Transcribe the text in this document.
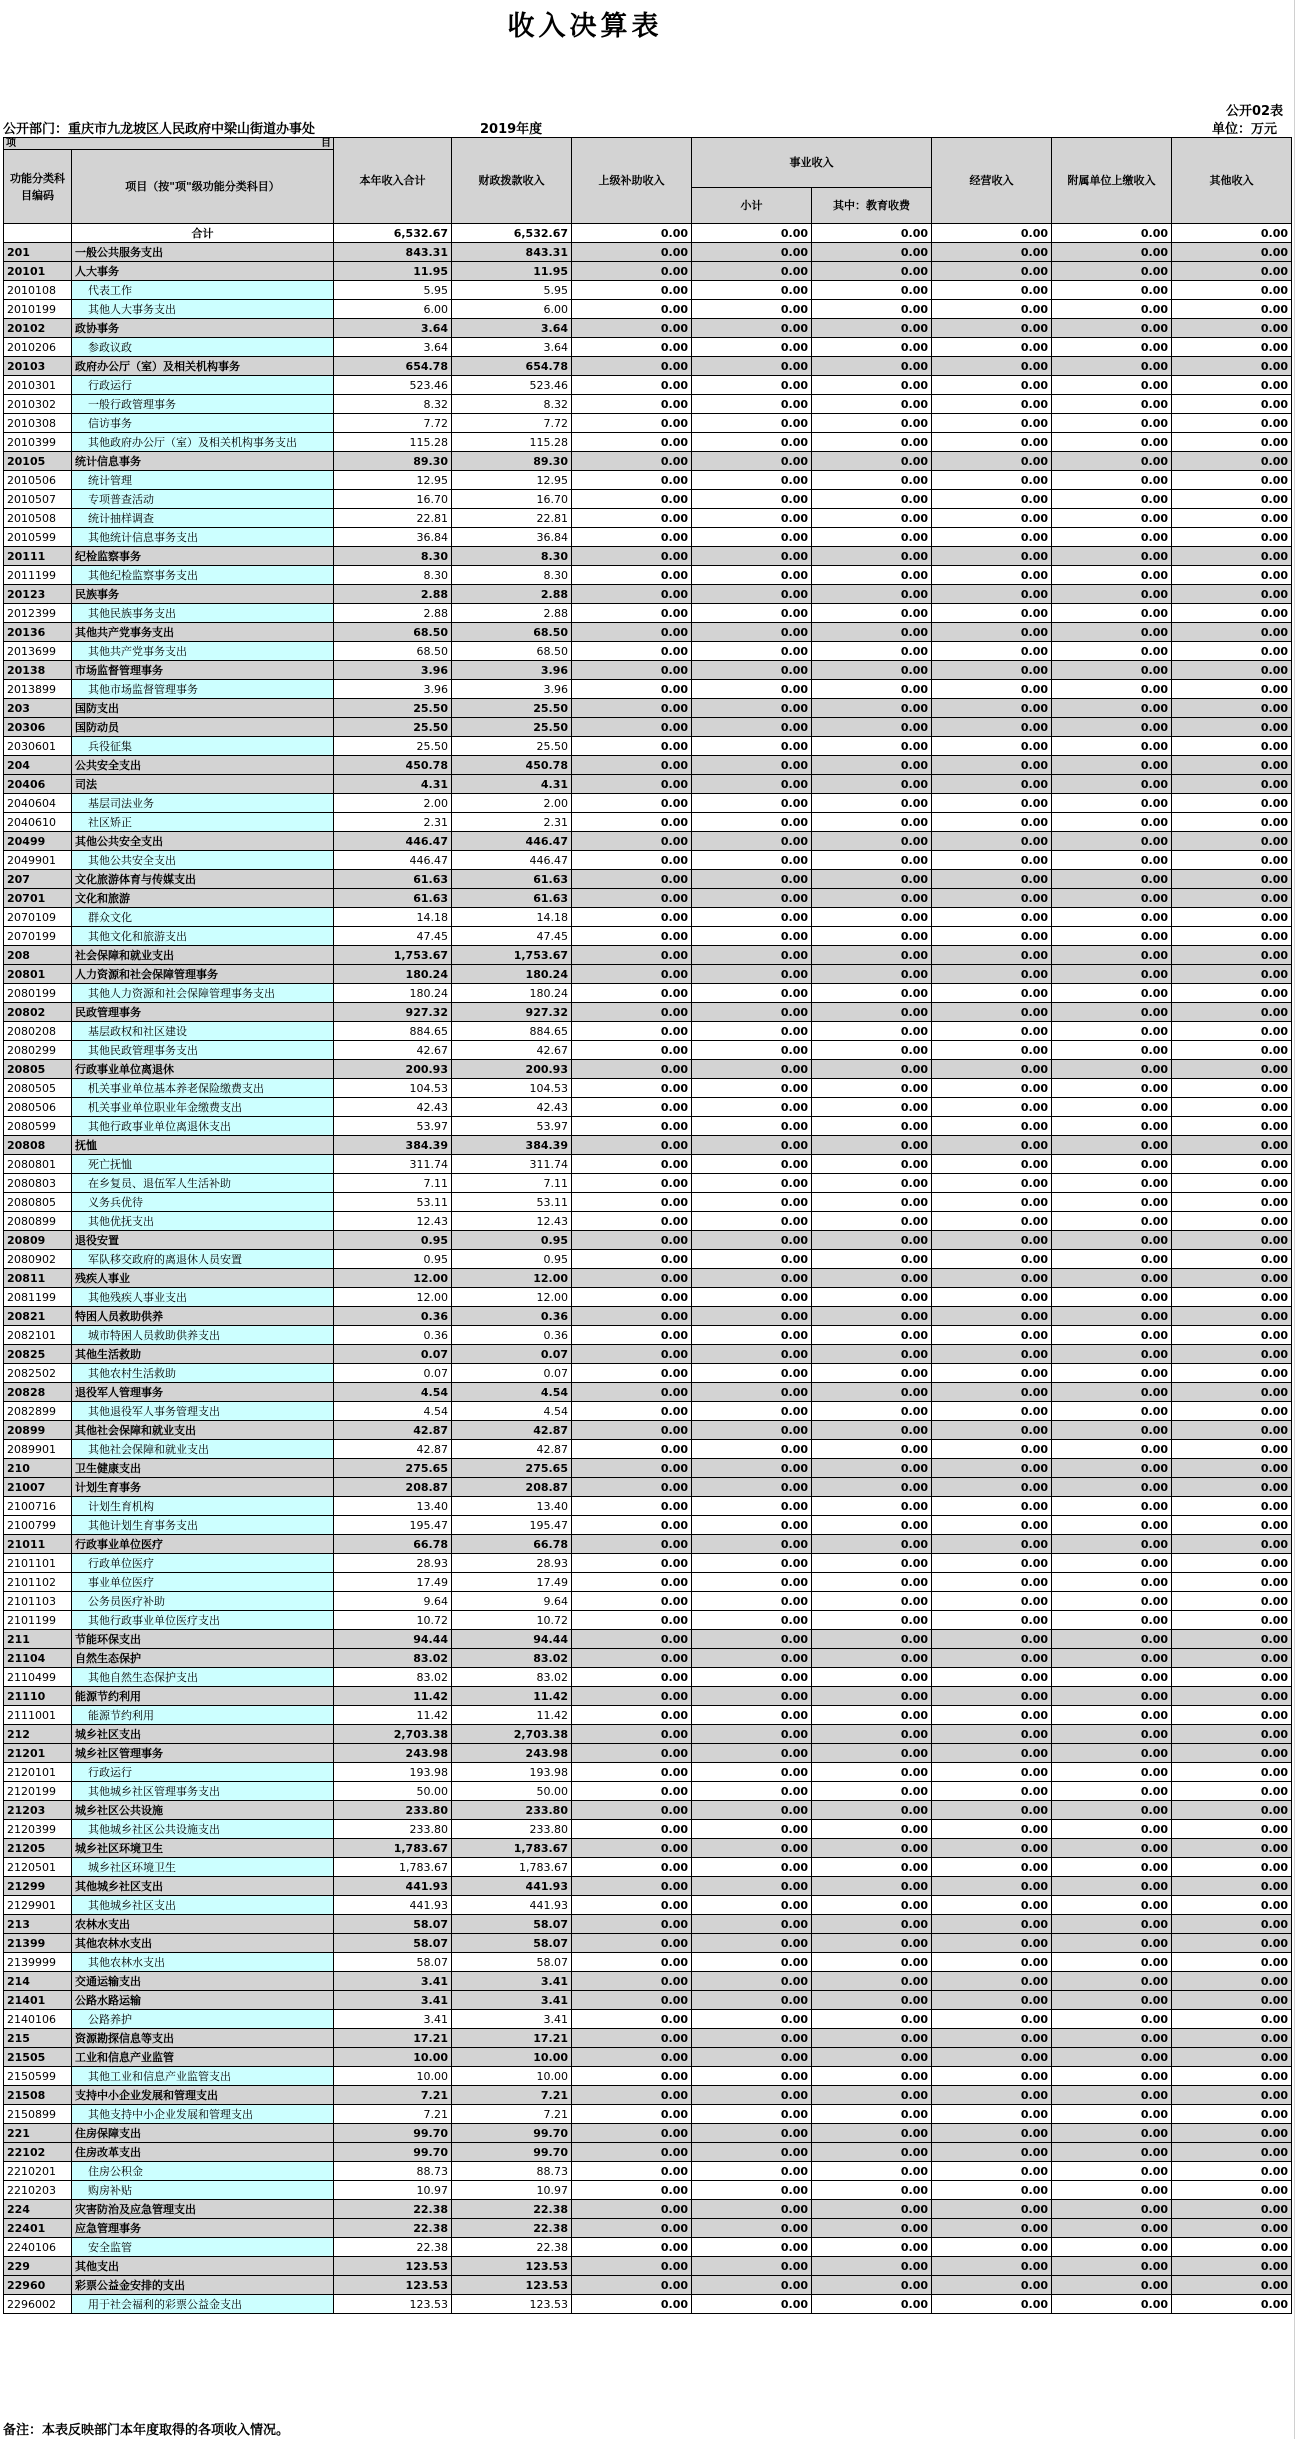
收入决算表
公开02表
公开部门：重庆市九龙坡区人民政府中梁山街道办事处	2019年度	单位：万元
项 目		本年收入合计	财政拨款收入	上级补助收入	事业收入		经营收入	附属单位上缴收入	其他收入
功能分类科目编码	项目（按"项"级功能分类科目）								
					小计	其中：教育收费			
	合计	6,532.67	6,532.67	0.00	0.00	0.00	0.00	0.00	0.00
201	一般公共服务支出	843.31	843.31	0.00	0.00	0.00	0.00	0.00	0.00
20101	人大事务	11.95	11.95	0.00	0.00	0.00	0.00	0.00	0.00
2010108	代表工作	5.95	5.95	0.00	0.00	0.00	0.00	0.00	0.00
2010199	其他人大事务支出	6.00	6.00	0.00	0.00	0.00	0.00	0.00	0.00
20102	政协事务	3.64	3.64	0.00	0.00	0.00	0.00	0.00	0.00
2010206	参政议政	3.64	3.64	0.00	0.00	0.00	0.00	0.00	0.00
20103	政府办公厅（室）及相关机构事务	654.78	654.78	0.00	0.00	0.00	0.00	0.00	0.00
2010301	行政运行	523.46	523.46	0.00	0.00	0.00	0.00	0.00	0.00
2010302	一般行政管理事务	8.32	8.32	0.00	0.00	0.00	0.00	0.00	0.00
2010308	信访事务	7.72	7.72	0.00	0.00	0.00	0.00	0.00	0.00
2010399	其他政府办公厅（室）及相关机构事务支出	115.28	115.28	0.00	0.00	0.00	0.00	0.00	0.00
20105	统计信息事务	89.30	89.30	0.00	0.00	0.00	0.00	0.00	0.00
2010506	统计管理	12.95	12.95	0.00	0.00	0.00	0.00	0.00	0.00
2010507	专项普查活动	16.70	16.70	0.00	0.00	0.00	0.00	0.00	0.00
2010508	统计抽样调查	22.81	22.81	0.00	0.00	0.00	0.00	0.00	0.00
2010599	其他统计信息事务支出	36.84	36.84	0.00	0.00	0.00	0.00	0.00	0.00
20111	纪检监察事务	8.30	8.30	0.00	0.00	0.00	0.00	0.00	0.00
2011199	其他纪检监察事务支出	8.30	8.30	0.00	0.00	0.00	0.00	0.00	0.00
20123	民族事务	2.88	2.88	0.00	0.00	0.00	0.00	0.00	0.00
2012399	其他民族事务支出	2.88	2.88	0.00	0.00	0.00	0.00	0.00	0.00
20136	其他共产党事务支出	68.50	68.50	0.00	0.00	0.00	0.00	0.00	0.00
2013699	其他共产党事务支出	68.50	68.50	0.00	0.00	0.00	0.00	0.00	0.00
20138	市场监督管理事务	3.96	3.96	0.00	0.00	0.00	0.00	0.00	0.00
2013899	其他市场监督管理事务	3.96	3.96	0.00	0.00	0.00	0.00	0.00	0.00
203	国防支出	25.50	25.50	0.00	0.00	0.00	0.00	0.00	0.00
20306	国防动员	25.50	25.50	0.00	0.00	0.00	0.00	0.00	0.00
2030601	兵役征集	25.50	25.50	0.00	0.00	0.00	0.00	0.00	0.00
204	公共安全支出	450.78	450.78	0.00	0.00	0.00	0.00	0.00	0.00
20406	司法	4.31	4.31	0.00	0.00	0.00	0.00	0.00	0.00
2040604	基层司法业务	2.00	2.00	0.00	0.00	0.00	0.00	0.00	0.00
2040610	社区矫正	2.31	2.31	0.00	0.00	0.00	0.00	0.00	0.00
20499	其他公共安全支出	446.47	446.47	0.00	0.00	0.00	0.00	0.00	0.00
2049901	其他公共安全支出	446.47	446.47	0.00	0.00	0.00	0.00	0.00	0.00
207	文化旅游体育与传媒支出	61.63	61.63	0.00	0.00	0.00	0.00	0.00	0.00
20701	文化和旅游	61.63	61.63	0.00	0.00	0.00	0.00	0.00	0.00
2070109	群众文化	14.18	14.18	0.00	0.00	0.00	0.00	0.00	0.00
2070199	其他文化和旅游支出	47.45	47.45	0.00	0.00	0.00	0.00	0.00	0.00
208	社会保障和就业支出	1,753.67	1,753.67	0.00	0.00	0.00	0.00	0.00	0.00
20801	人力资源和社会保障管理事务	180.24	180.24	0.00	0.00	0.00	0.00	0.00	0.00
2080199	其他人力资源和社会保障管理事务支出	180.24	180.24	0.00	0.00	0.00	0.00	0.00	0.00
20802	民政管理事务	927.32	927.32	0.00	0.00	0.00	0.00	0.00	0.00
2080208	基层政权和社区建设	884.65	884.65	0.00	0.00	0.00	0.00	0.00	0.00
2080299	其他民政管理事务支出	42.67	42.67	0.00	0.00	0.00	0.00	0.00	0.00
20805	行政事业单位离退休	200.93	200.93	0.00	0.00	0.00	0.00	0.00	0.00
2080505	机关事业单位基本养老保险缴费支出	104.53	104.53	0.00	0.00	0.00	0.00	0.00	0.00
2080506	机关事业单位职业年金缴费支出	42.43	42.43	0.00	0.00	0.00	0.00	0.00	0.00
2080599	其他行政事业单位离退休支出	53.97	53.97	0.00	0.00	0.00	0.00	0.00	0.00
20808	抚恤	384.39	384.39	0.00	0.00	0.00	0.00	0.00	0.00
2080801	死亡抚恤	311.74	311.74	0.00	0.00	0.00	0.00	0.00	0.00
2080803	在乡复员、退伍军人生活补助	7.11	7.11	0.00	0.00	0.00	0.00	0.00	0.00
2080805	义务兵优待	53.11	53.11	0.00	0.00	0.00	0.00	0.00	0.00
2080899	其他优抚支出	12.43	12.43	0.00	0.00	0.00	0.00	0.00	0.00
20809	退役安置	0.95	0.95	0.00	0.00	0.00	0.00	0.00	0.00
2080902	军队移交政府的离退休人员安置	0.95	0.95	0.00	0.00	0.00	0.00	0.00	0.00
20811	残疾人事业	12.00	12.00	0.00	0.00	0.00	0.00	0.00	0.00
2081199	其他残疾人事业支出	12.00	12.00	0.00	0.00	0.00	0.00	0.00	0.00
20821	特困人员救助供养	0.36	0.36	0.00	0.00	0.00	0.00	0.00	0.00
2082101	城市特困人员救助供养支出	0.36	0.36	0.00	0.00	0.00	0.00	0.00	0.00
20825	其他生活救助	0.07	0.07	0.00	0.00	0.00	0.00	0.00	0.00
2082502	其他农村生活救助	0.07	0.07	0.00	0.00	0.00	0.00	0.00	0.00
20828	退役军人管理事务	4.54	4.54	0.00	0.00	0.00	0.00	0.00	0.00
2082899	其他退役军人事务管理支出	4.54	4.54	0.00	0.00	0.00	0.00	0.00	0.00
20899	其他社会保障和就业支出	42.87	42.87	0.00	0.00	0.00	0.00	0.00	0.00
2089901	其他社会保障和就业支出	42.87	42.87	0.00	0.00	0.00	0.00	0.00	0.00
210	卫生健康支出	275.65	275.65	0.00	0.00	0.00	0.00	0.00	0.00
21007	计划生育事务	208.87	208.87	0.00	0.00	0.00	0.00	0.00	0.00
2100716	计划生育机构	13.40	13.40	0.00	0.00	0.00	0.00	0.00	0.00
2100799	其他计划生育事务支出	195.47	195.47	0.00	0.00	0.00	0.00	0.00	0.00
21011	行政事业单位医疗	66.78	66.78	0.00	0.00	0.00	0.00	0.00	0.00
2101101	行政单位医疗	28.93	28.93	0.00	0.00	0.00	0.00	0.00	0.00
2101102	事业单位医疗	17.49	17.49	0.00	0.00	0.00	0.00	0.00	0.00
2101103	公务员医疗补助	9.64	9.64	0.00	0.00	0.00	0.00	0.00	0.00
2101199	其他行政事业单位医疗支出	10.72	10.72	0.00	0.00	0.00	0.00	0.00	0.00
211	节能环保支出	94.44	94.44	0.00	0.00	0.00	0.00	0.00	0.00
21104	自然生态保护	83.02	83.02	0.00	0.00	0.00	0.00	0.00	0.00
2110499	其他自然生态保护支出	83.02	83.02	0.00	0.00	0.00	0.00	0.00	0.00
21110	能源节约利用	11.42	11.42	0.00	0.00	0.00	0.00	0.00	0.00
2111001	能源节约利用	11.42	11.42	0.00	0.00	0.00	0.00	0.00	0.00
212	城乡社区支出	2,703.38	2,703.38	0.00	0.00	0.00	0.00	0.00	0.00
21201	城乡社区管理事务	243.98	243.98	0.00	0.00	0.00	0.00	0.00	0.00
2120101	行政运行	193.98	193.98	0.00	0.00	0.00	0.00	0.00	0.00
2120199	其他城乡社区管理事务支出	50.00	50.00	0.00	0.00	0.00	0.00	0.00	0.00
21203	城乡社区公共设施	233.80	233.80	0.00	0.00	0.00	0.00	0.00	0.00
2120399	其他城乡社区公共设施支出	233.80	233.80	0.00	0.00	0.00	0.00	0.00	0.00
21205	城乡社区环境卫生	1,783.67	1,783.67	0.00	0.00	0.00	0.00	0.00	0.00
2120501	城乡社区环境卫生	1,783.67	1,783.67	0.00	0.00	0.00	0.00	0.00	0.00
21299	其他城乡社区支出	441.93	441.93	0.00	0.00	0.00	0.00	0.00	0.00
2129901	其他城乡社区支出	441.93	441.93	0.00	0.00	0.00	0.00	0.00	0.00
213	农林水支出	58.07	58.07	0.00	0.00	0.00	0.00	0.00	0.00
21399	其他农林水支出	58.07	58.07	0.00	0.00	0.00	0.00	0.00	0.00
2139999	其他农林水支出	58.07	58.07	0.00	0.00	0.00	0.00	0.00	0.00
214	交通运输支出	3.41	3.41	0.00	0.00	0.00	0.00	0.00	0.00
21401	公路水路运输	3.41	3.41	0.00	0.00	0.00	0.00	0.00	0.00
2140106	公路养护	3.41	3.41	0.00	0.00	0.00	0.00	0.00	0.00
215	资源勘探信息等支出	17.21	17.21	0.00	0.00	0.00	0.00	0.00	0.00
21505	工业和信息产业监管	10.00	10.00	0.00	0.00	0.00	0.00	0.00	0.00
2150599	其他工业和信息产业监管支出	10.00	10.00	0.00	0.00	0.00	0.00	0.00	0.00
21508	支持中小企业发展和管理支出	7.21	7.21	0.00	0.00	0.00	0.00	0.00	0.00
2150899	其他支持中小企业发展和管理支出	7.21	7.21	0.00	0.00	0.00	0.00	0.00	0.00
221	住房保障支出	99.70	99.70	0.00	0.00	0.00	0.00	0.00	0.00
22102	住房改革支出	99.70	99.70	0.00	0.00	0.00	0.00	0.00	0.00
2210201	住房公积金	88.73	88.73	0.00	0.00	0.00	0.00	0.00	0.00
2210203	购房补贴	10.97	10.97	0.00	0.00	0.00	0.00	0.00	0.00
224	灾害防治及应急管理支出	22.38	22.38	0.00	0.00	0.00	0.00	0.00	0.00
22401	应急管理事务	22.38	22.38	0.00	0.00	0.00	0.00	0.00	0.00
2240106	安全监管	22.38	22.38	0.00	0.00	0.00	0.00	0.00	0.00
229	其他支出	123.53	123.53	0.00	0.00	0.00	0.00	0.00	0.00
22960	彩票公益金安排的支出	123.53	123.53	0.00	0.00	0.00	0.00	0.00	0.00
2296002	用于社会福利的彩票公益金支出	123.53	123.53	0.00	0.00	0.00	0.00	0.00	0.00
备注：本表反映部门本年度取得的各项收入情况。
